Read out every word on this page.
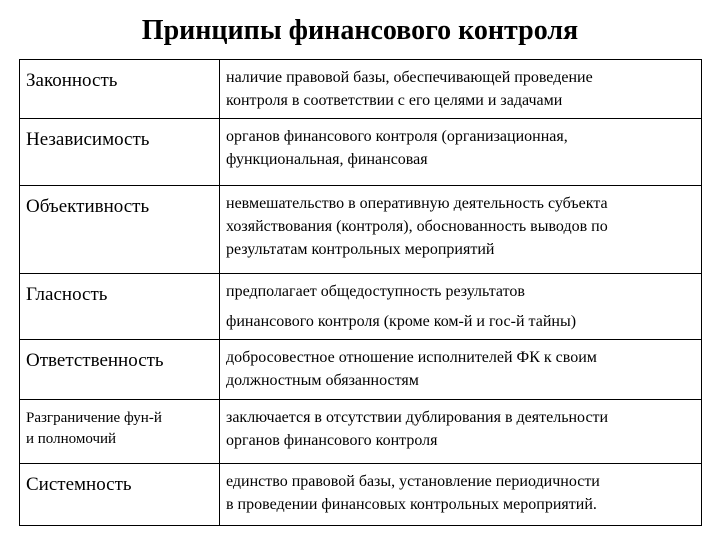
Принципы финансового контроля
Законность	наличие правовой базы, обеспечивающей проведение
контроля в соответствии с его целями и задачами

Независимость	органов финансового контроля (организационная,
функциональная, финансовая

Объективность	невмешательство в оперативную деятельность субъекта
хозяйствования (контроля), обоснованность выводов по
результатам контрольных мероприятий

Гласность	предполагает общедоступность результатов
финансового контроля (кроме ком-й и гос-й тайны)

Ответственность	добросовестное отношение исполнителей ФК к своим
должностным обязанностям

Разграничение фун-й
и полномочий	заключается в отсутствии дублирования в деятельности
органов финансового контроля

Системность	единство правовой базы, установление периодичности
в проведении финансовых контрольных мероприятий.
